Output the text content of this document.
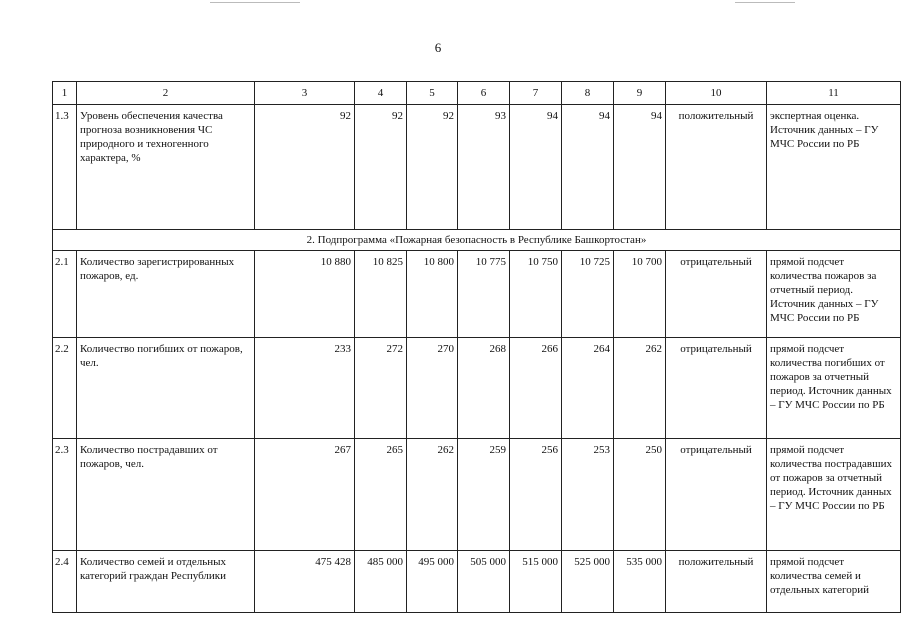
6
1	2	3	4	5	6	7	8	9	10	11
1.3	Уровень обеспечения качества прогноза возникновения ЧС природного и техногенного характера, %	92	92	92	93	94	94	94	положительный	экспертная оценка. Источник данных – ГУ МЧС России по РБ
2. Подпрограмма «Пожарная безопасность в Республике Башкортостан»										
2.1	Количество зарегистрированных пожаров, ед.	10 880	10 825	10 800	10 775	10 750	10 725	10 700	отрицательный	прямой подсчет количества пожаров за отчетный период. Источник данных – ГУ МЧС России по РБ
2.2	Количество погибших от пожаров, чел.	233	272	270	268	266	264	262	отрицательный	прямой подсчет количества погибших от пожаров за отчетный период. Источник данных – ГУ МЧС России по РБ
2.3	Количество пострадавших от пожаров, чел.	267	265	262	259	256	253	250	отрицательный	прямой подсчет количества пострадавших от пожаров за отчетный период. Источник данных – ГУ МЧС России по РБ
2.4	Количество семей и отдельных категорий граждан Республики	475 428	485 000	495 000	505 000	515 000	525 000	535 000	положительный	прямой подсчет количества семей и отдельных категорий
